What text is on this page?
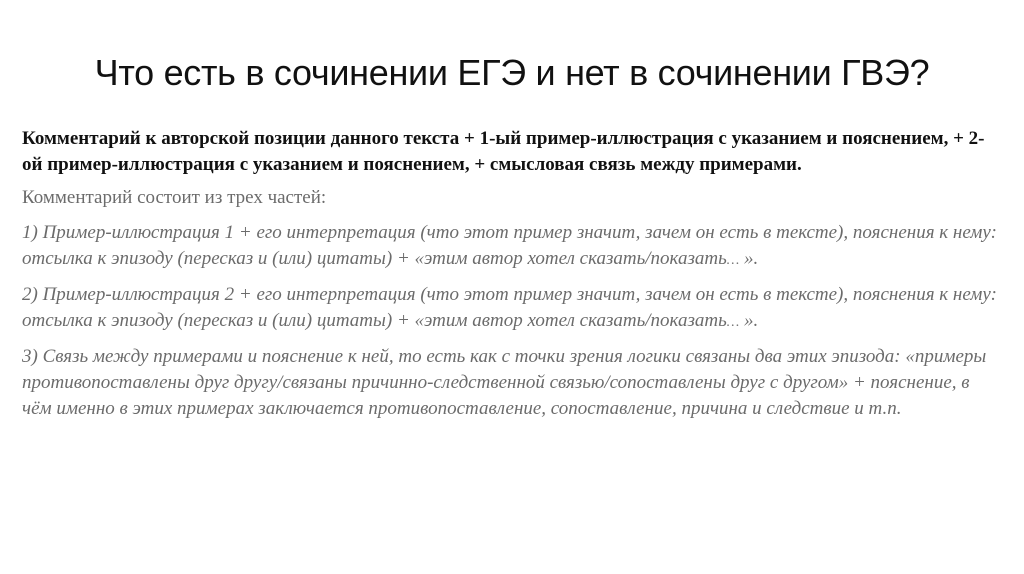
Что есть в сочинении ЕГЭ и нет в сочинении ГВЭ?

Комментарий к авторской позиции данного текста + 1-ый пример-иллюстрация с указанием и пояснением, + 2-ой пример-иллюстрация с указанием и пояснением, + смысловая связь между примерами.

Комментарий состоит из трех частей:

1) Пример-иллюстрация 1 + его интерпретация (что этот пример значит, зачем он есть в тексте), пояснения к нему: отсылка к эпизоду (пересказ и (или) цитаты) + «этим автор хотел сказать/показать… ».

2) Пример-иллюстрация 2 + его интерпретация (что этот пример значит, зачем он есть в тексте), пояснения к нему: отсылка к эпизоду (пересказ и (или) цитаты) + «этим автор хотел сказать/показать… ».

3) Связь между примерами и пояснение к ней, то есть как с точки зрения логики связаны два этих эпизода: «примеры противопоставлены друг другу/связаны причинно-следственной связью/сопоставлены друг с другом» + пояснение, в чём именно в этих примерах заключается противопоставление, сопоставление, причина и следствие и т.п.
